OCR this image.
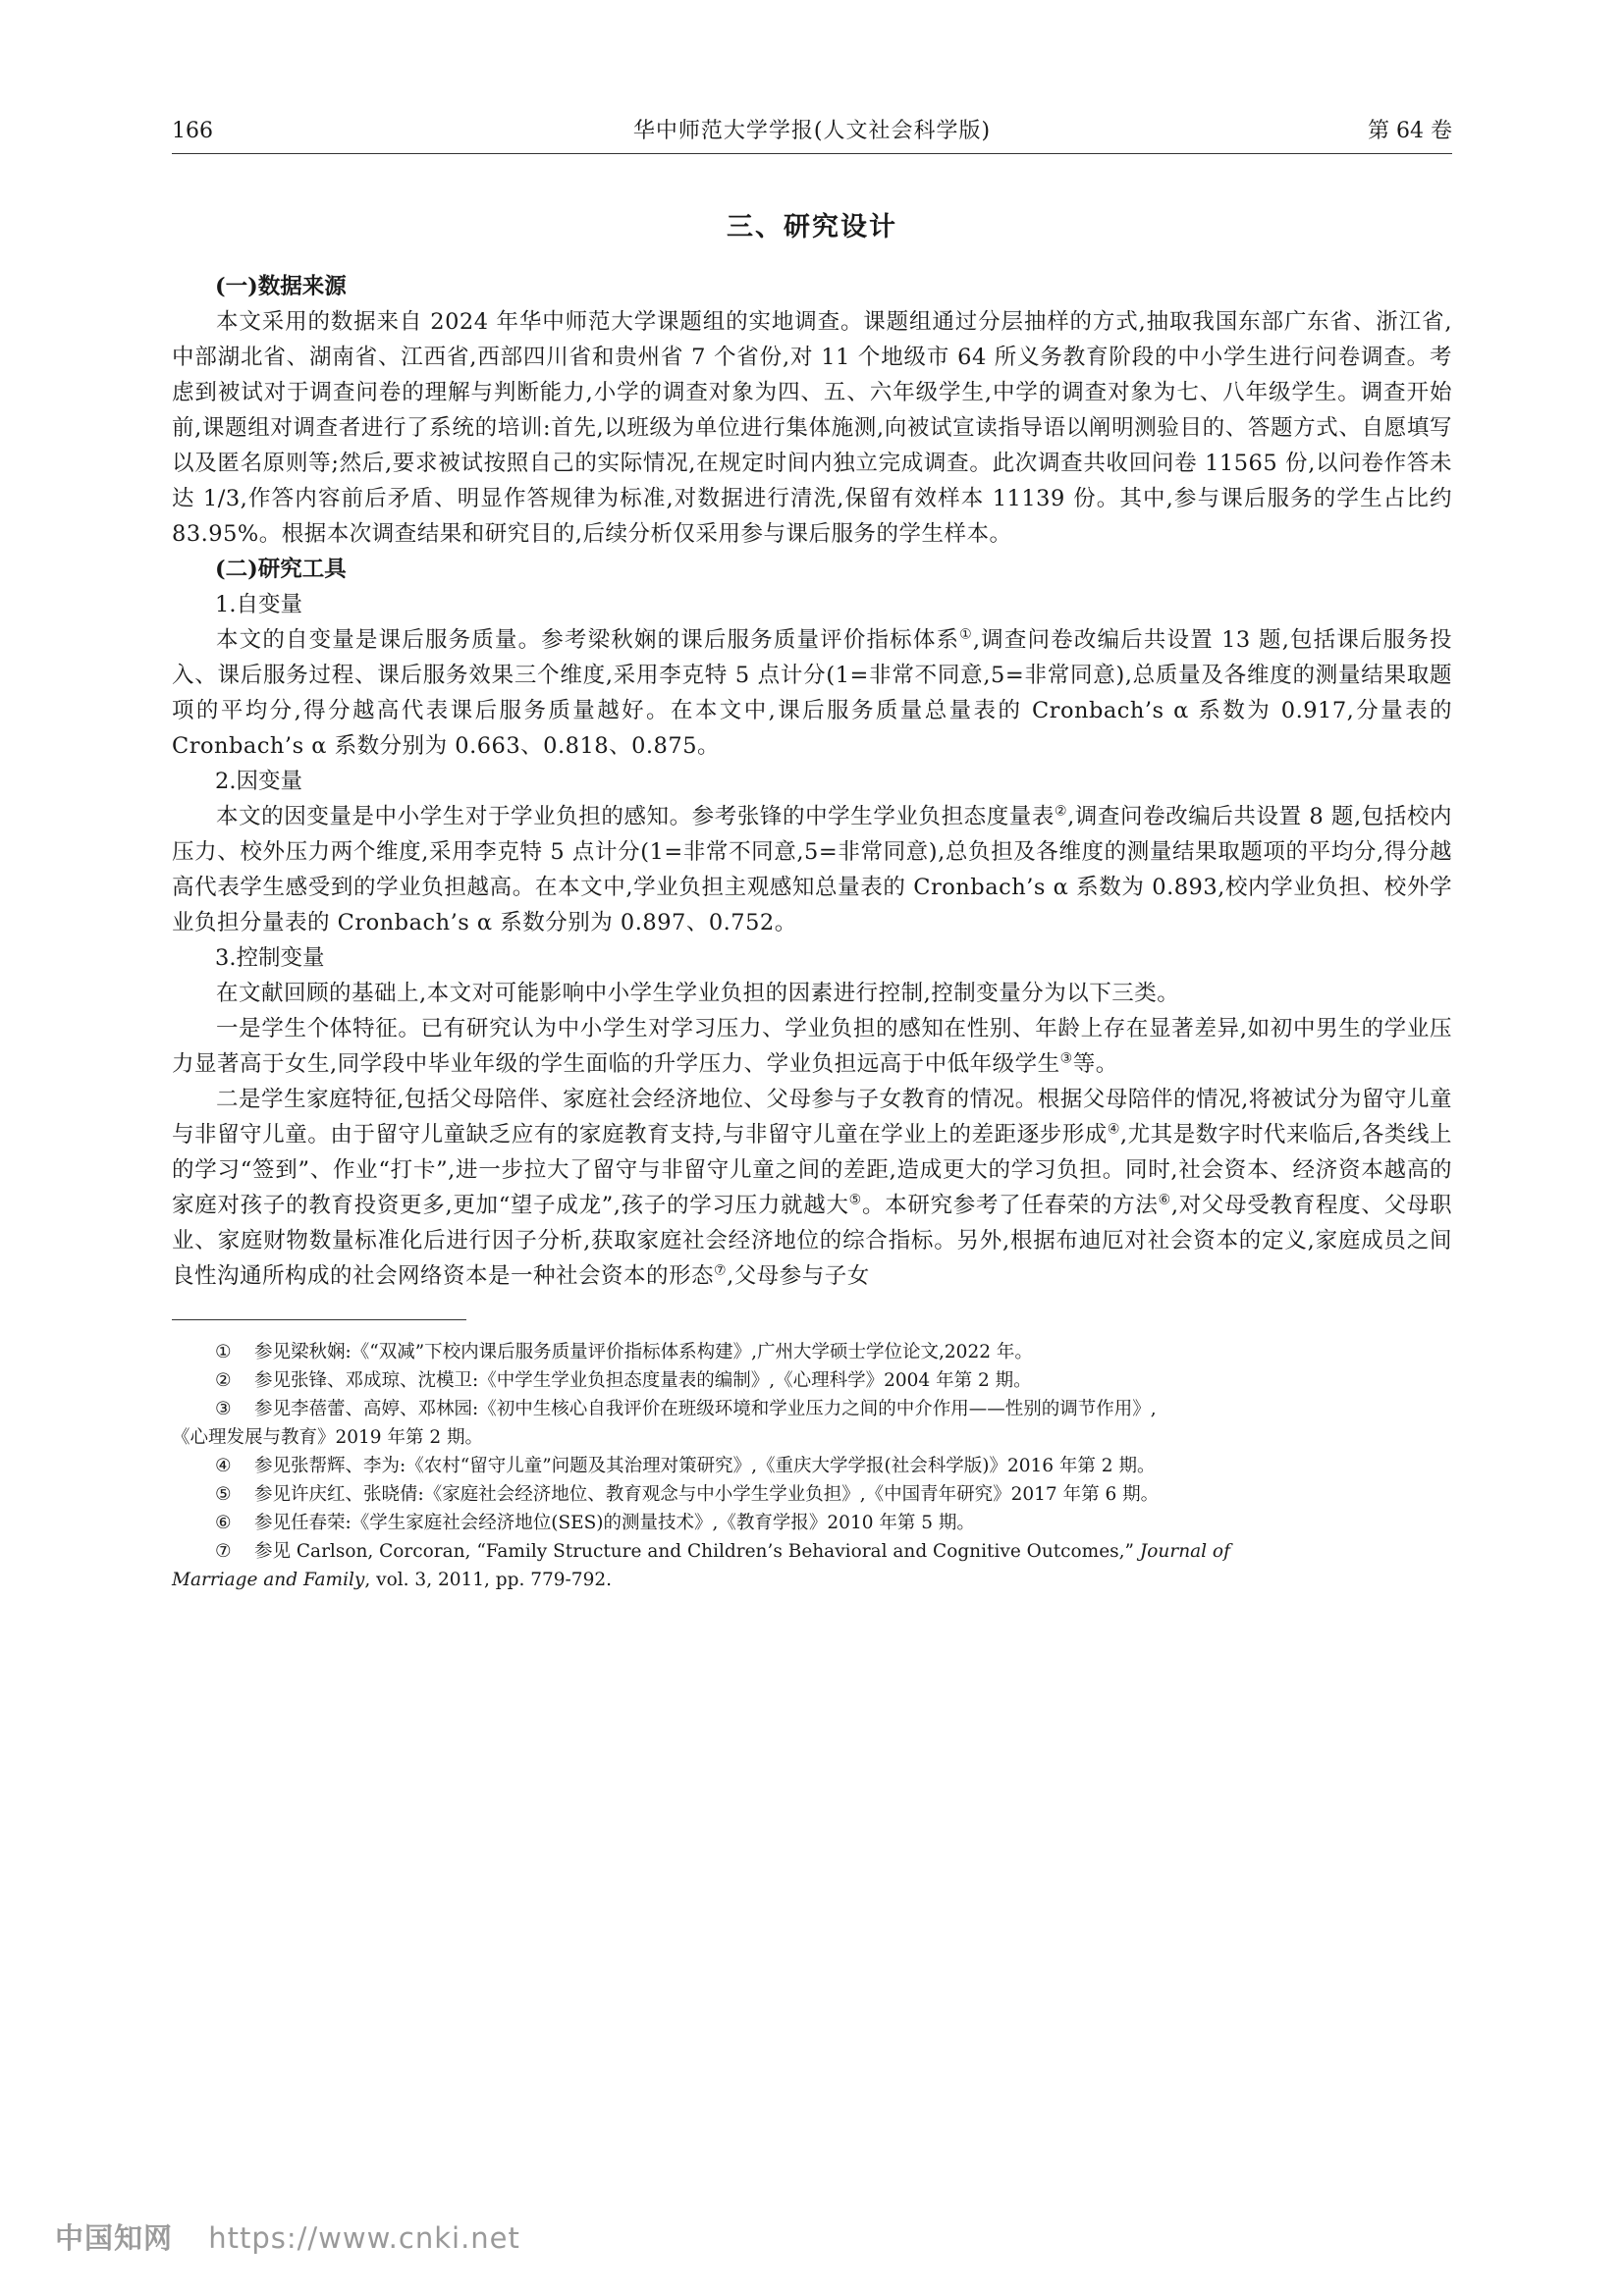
166	华中师范大学学报(人文社会科学版)	第 64 卷
三、研究设计
(一)数据来源

本文采用的数据来自 2024 年华中师范大学课题组的实地调查。课题组通过分层抽样的方式,抽取我国东部广东省、浙江省,中部湖北省、湖南省、江西省,西部四川省和贵州省 7 个省份,对 11 个地级市 64 所义务教育阶段的中小学生进行问卷调查。考虑到被试对于调查问卷的理解与判断能力,小学的调查对象为四、五、六年级学生,中学的调查对象为七、八年级学生。调查开始前,课题组对调查者进行了系统的培训:首先,以班级为单位进行集体施测,向被试宣读指导语以阐明测验目的、答题方式、自愿填写以及匿名原则等;然后,要求被试按照自己的实际情况,在规定时间内独立完成调查。此次调查共收回问卷 11565 份,以问卷作答未达 1/3,作答内容前后矛盾、明显作答规律为标准,对数据进行清洗,保留有效样本 11139 份。其中,参与课后服务的学生占比约 83.95%。根据本次调查结果和研究目的,后续分析仅采用参与课后服务的学生样本。

(二)研究工具
1.自变量

本文的自变量是课后服务质量。参考梁秋娴的课后服务质量评价指标体系①,调查问卷改编后共设置 13 题,包括课后服务投入、课后服务过程、课后服务效果三个维度,采用李克特 5 点计分(1=非常不同意,5=非常同意),总质量及各维度的测量结果取题项的平均分,得分越高代表课后服务质量越好。在本文中,课后服务质量总量表的 Cronbach’s α 系数为 0.917,分量表的 Cronbach’s α 系数分别为 0.663、0.818、0.875。

2.因变量

本文的因变量是中小学生对于学业负担的感知。参考张锋的中学生学业负担态度量表②,调查问卷改编后共设置 8 题,包括校内压力、校外压力两个维度,采用李克特 5 点计分(1=非常不同意,5=非常同意),总负担及各维度的测量结果取题项的平均分,得分越高代表学生感受到的学业负担越高。在本文中,学业负担主观感知总量表的 Cronbach’s α 系数为 0.893,校内学业负担、校外学业负担分量表的 Cronbach’s α 系数分别为 0.897、0.752。

3.控制变量

在文献回顾的基础上,本文对可能影响中小学生学业负担的因素进行控制,控制变量分为以下三类。

一是学生个体特征。已有研究认为中小学生对学习压力、学业负担的感知在性别、年龄上存在显著差异,如初中男生的学业压力显著高于女生,同学段中毕业年级的学生面临的升学压力、学业负担远高于中低年级学生③等。

二是学生家庭特征,包括父母陪伴、家庭社会经济地位、父母参与子女教育的情况。根据父母陪伴的情况,将被试分为留守儿童与非留守儿童。由于留守儿童缺乏应有的家庭教育支持,与非留守儿童在学业上的差距逐步形成④,尤其是数字时代来临后,各类线上的学习“签到”、作业“打卡”,进一步拉大了留守与非留守儿童之间的差距,造成更大的学习负担。同时,社会资本、经济资本越高的家庭对孩子的教育投资更多,更加“望子成龙”,孩子的学习压力就越大⑤。本研究参考了任春荣的方法⑥,对父母受教育程度、父母职业、家庭财物数量标准化后进行因子分析,获取家庭社会经济地位的综合指标。另外,根据布迪厄对社会资本的定义,家庭成员之间良性沟通所构成的社会网络资本是一种社会资本的形态⑦,父母参与子女

① 参见梁秋娴:《“双减”下校内课后服务质量评价指标体系构建》,广州大学硕士学位论文,2022 年。
② 参见张锋、邓成琼、沈模卫:《中学生学业负担态度量表的编制》,《心理科学》2004 年第 2 期。
③ 参见李蓓蕾、高婷、邓林园:《初中生核心自我评价在班级环境和学业压力之间的中介作用——性别的调节作用》,
《心理发展与教育》2019 年第 2 期。
④ 参见张帮辉、李为:《农村“留守儿童”问题及其治理对策研究》,《重庆大学学报(社会科学版)》2016 年第 2 期。
⑤ 参见许庆红、张晓倩:《家庭社会经济地位、教育观念与中小学生学业负担》,《中国青年研究》2017 年第 6 期。
⑥ 参见任春荣:《学生家庭社会经济地位(SES)的测量技术》,《教育学报》2010 年第 5 期。
⑦ 参见 Carlson, Corcoran, “Family Structure and Children’s Behavioral and Cognitive Outcomes,” Journal of
Marriage and Family, vol. 3, 2011, pp. 779-792.
中国知网 https://www.cnki.net
